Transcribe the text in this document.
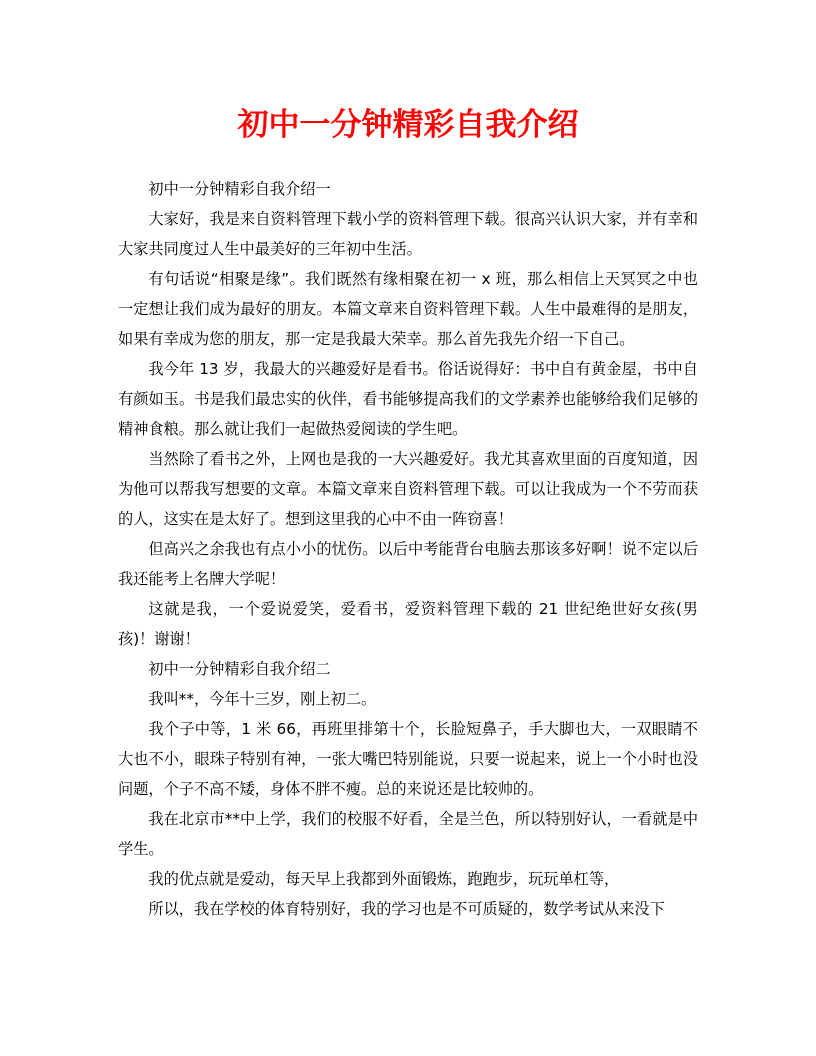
初中一分钟精彩自我介绍

初中一分钟精彩自我介绍一

大家好，我是来自资料管理下载小学的资料管理下载。很高兴认识大家，并有幸和大家共同度过人生中最美好的三年初中生活。

有句话说“相聚是缘”。我们既然有缘相聚在初一 x 班，那么相信上天冥冥之中也一定想让我们成为最好的朋友。本篇文章来自资料管理下载。人生中最难得的是朋友，如果有幸成为您的朋友，那一定是我最大荣幸。那么首先我先介绍一下自己。

我今年 13 岁，我最大的兴趣爱好是看书。俗话说得好：书中自有黄金屋，书中自有颜如玉。书是我们最忠实的伙伴，看书能够提高我们的文学素养也能够给我们足够的精神食粮。那么就让我们一起做热爱阅读的学生吧。

当然除了看书之外，上网也是我的一大兴趣爱好。我尤其喜欢里面的百度知道，因为他可以帮我写想要的文章。本篇文章来自资料管理下载。可以让我成为一个不劳而获的人，这实在是太好了。想到这里我的心中不由一阵窃喜！

但高兴之余我也有点小小的忧伤。以后中考能背台电脑去那该多好啊！说不定以后我还能考上名牌大学呢！

这就是我，一个爱说爱笑，爱看书，爱资料管理下载的 21 世纪绝世好女孩(男孩)！谢谢！

初中一分钟精彩自我介绍二

我叫**，今年十三岁，刚上初二。

我个子中等，1 米 66，再班里排第十个，长脸短鼻子，手大脚也大，一双眼睛不大也不小，眼珠子特别有神，一张大嘴巴特别能说，只要一说起来，说上一个小时也没问题，个子不高不矮，身体不胖不瘦。总的来说还是比较帅的。

我在北京市**中上学，我们的校服不好看，全是兰色，所以特别好认，一看就是中学生。

我的优点就是爱动，每天早上我都到外面锻炼，跑跑步，玩玩单杠等，

所以，我在学校的体育特别好，我的学习也是不可质疑的，数学考试从来没下
